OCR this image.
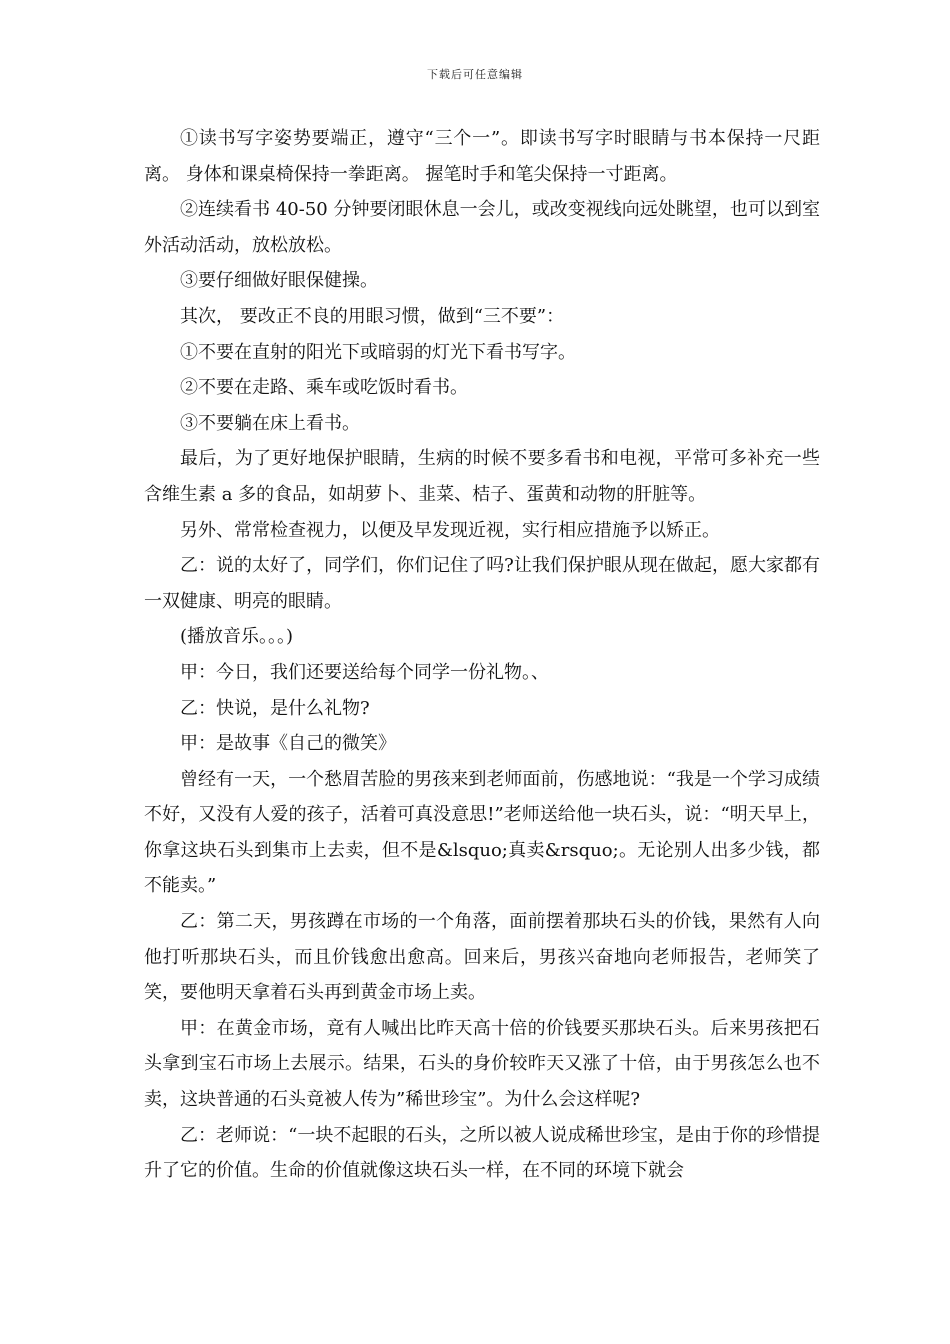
下载后可任意编辑

①读书写字姿势要端正，遵守“三个一”。即读书写字时眼睛与书本保持一尺距离。 身体和课桌椅保持一拳距离。 握笔时手和笔尖保持一寸距离。

②连续看书 40-50 分钟要闭眼休息一会儿，或改变视线向远处眺望，也可以到室外活动活动，放松放松。

③要仔细做好眼保健操。

其次， 要改正不良的用眼习惯，做到“三不要”：

①不要在直射的阳光下或暗弱的灯光下看书写字。

②不要在走路、乘车或吃饭时看书。

③不要躺在床上看书。

最后，为了更好地保护眼睛，生病的时候不要多看书和电视，平常可多补充一些含维生素 a 多的食品，如胡萝卜、韭菜、桔子、蛋黄和动物的肝脏等。

另外、常常检查视力，以便及早发现近视，实行相应措施予以矫正。

乙：说的太好了，同学们，你们记住了吗?让我们保护眼从现在做起，愿大家都有一双健康、明亮的眼睛。

(播放音乐。。。)

甲：今日，我们还要送给每个同学一份礼物。、

乙：快说，是什么礼物?

甲：是故事《自己的微笑》

曾经有一天，一个愁眉苦脸的男孩来到老师面前，伤感地说：“我是一个学习成绩不好，又没有人爱的孩子，活着可真没意思!”老师送给他一块石头，说：“明天早上，你拿这块石头到集市上去卖，但不是&lsquo;真卖&rsquo;。无论别人出多少钱，都不能卖。”

乙：第二天，男孩蹲在市场的一个角落，面前摆着那块石头的价钱，果然有人向他打听那块石头，而且价钱愈出愈高。回来后，男孩兴奋地向老师报告，老师笑了笑，要他明天拿着石头再到黄金市场上卖。

甲：在黄金市场，竟有人喊出比昨天高十倍的价钱要买那块石头。后来男孩把石头拿到宝石市场上去展示。结果，石头的身价较昨天又涨了十倍，由于男孩怎么也不卖，这块普通的石头竟被人传为”稀世珍宝”。为什么会这样呢?

乙：老师说：“一块不起眼的石头，之所以被人说成稀世珍宝，是由于你的珍惜提升了它的价值。生命的价值就像这块石头一样，在不同的环境下就会
